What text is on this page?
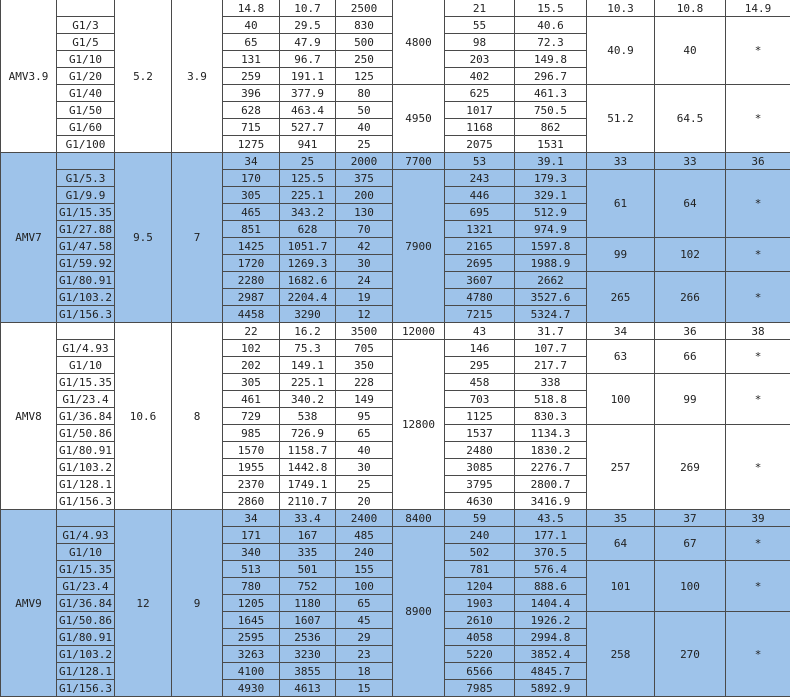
AMV3.9		5.2	3.9	14.8	10.7	2500	4800	21	15.5	10.3	10.8	14.9
	G1/3			40	29.5	830		55	40.6	40.9	40	*
	G1/5			65	47.9	500		98	72.3			
	G1/10			131	96.7	250		203	149.8			
	G1/20			259	191.1	125		402	296.7			
	G1/40			396	377.9	80	4950	625	461.3	51.2	64.5	*
	G1/50			628	463.4	50		1017	750.5			
	G1/60			715	527.7	40		1168	862			
	G1/100			1275	941	25		2075	1531			
AMV7		9.5	7	34	25	2000	7700	53	39.1	33	33	36
	G1/5.3			170	125.5	375	7900	243	179.3	61	64	*
	G1/9.9			305	225.1	200		446	329.1			
	G1/15.35			465	343.2	130		695	512.9			
	G1/27.88			851	628	70		1321	974.9			
	G1/47.58			1425	1051.7	42		2165	1597.8	99	102	*
	G1/59.92			1720	1269.3	30		2695	1988.9			
	G1/80.91			2280	1682.6	24		3607	2662	265	266	*
	G1/103.2			2987	2204.4	19		4780	3527.6			
	G1/156.3			4458	3290	12		7215	5324.7			
AMV8		10.6	8	22	16.2	3500	12000	43	31.7	34	36	38
	G1/4.93			102	75.3	705	12800	146	107.7	63	66	*
	G1/10			202	149.1	350		295	217.7			
	G1/15.35			305	225.1	228		458	338	100	99	*
	G1/23.4			461	340.2	149		703	518.8			
	G1/36.84			729	538	95		1125	830.3			
	G1/50.86			985	726.9	65		1537	1134.3	257	269	*
	G1/80.91			1570	1158.7	40		2480	1830.2			
	G1/103.2			1955	1442.8	30		3085	2276.7			
	G1/128.1			2370	1749.1	25		3795	2800.7			
	G1/156.3			2860	2110.7	20		4630	3416.9			
AMV9		12	9	34	33.4	2400	8400	59	43.5	35	37	39
	G1/4.93			171	167	485	8900	240	177.1	64	67	*
	G1/10			340	335	240		502	370.5			
	G1/15.35			513	501	155		781	576.4	101	100	*
	G1/23.4			780	752	100		1204	888.6			
	G1/36.84			1205	1180	65		1903	1404.4			
	G1/50.86			1645	1607	45		2610	1926.2	258	270	*
	G1/80.91			2595	2536	29		4058	2994.8			
	G1/103.2			3263	3230	23		5220	3852.4			
	G1/128.1			4100	3855	18		6566	4845.7			
	G1/156.3			4930	4613	15		7985	5892.9			
